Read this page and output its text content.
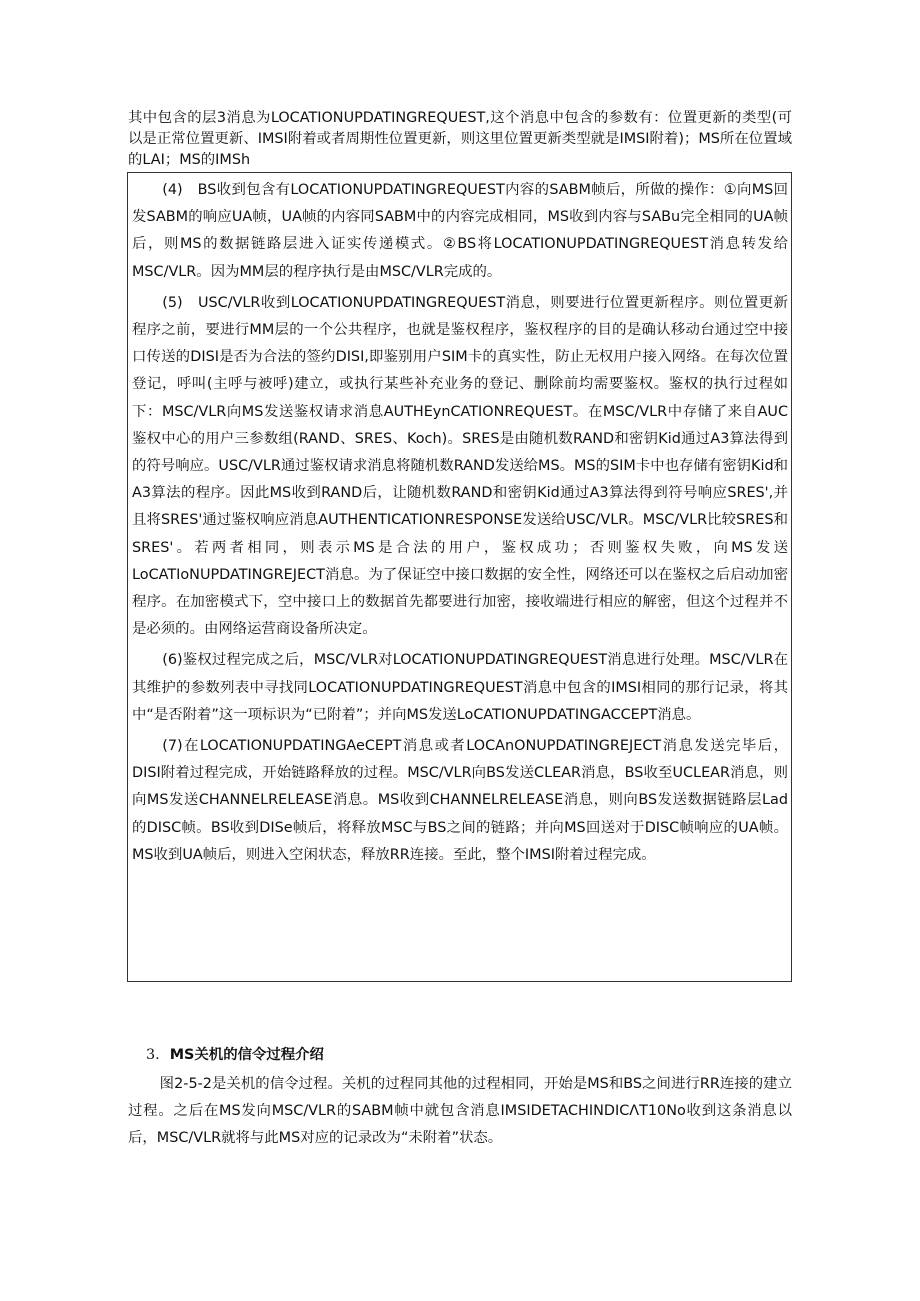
其中包含的层3消息为LOCATIONUPDATINGREQUEST,这个消息中包含的参数有：位置更新的类型(可以是正常位置更新、IMSI附着或者周期性位置更新，则这里位置更新类型就是IMSI附着)；MS所在位置域的LAI；MS的IMSh

(4)　BS收到包含有LOCATIONUPDATINGREQUEST内容的SABM帧后，所做的操作：①向MS回发SABM的响应UA帧，UA帧的内容同SABM中的内容完成相同，MS收到内容与SABu完全相同的UA帧后，则MS的数据链路层进入证实传递模式。②BS将LOCATIONUPDATINGREQUEST消息转发给MSC/VLR。因为MM层的程序执行是由MSC/VLR完成的。

(5)　USC/VLR收到LOCATIONUPDATINGREQUEST消息，则要进行位置更新程序。则位置更新程序之前，要进行MM层的一个公共程序，也就是鉴权程序，鉴权程序的目的是确认移动台通过空中接口传送的DISI是否为合法的签约DISI,即鉴别用户SIM卡的真实性，防止无权用户接入网络。在每次位置登记，呼叫(主呼与被呼)建立，或执行某些补充业务的登记、删除前均需要鉴权。鉴权的执行过程如下：MSC/VLR向MS发送鉴权请求消息AUTHEynCATIONREQUEST。在MSC/VLR中存储了来自AUC鉴权中心的用户三参数组(RAND、SRES、Koch)。SRES是由随机数RAND和密钥Kid通过A3算法得到的符号响应。USC/VLR通过鉴权请求消息将随机数RAND发送给MS。MS的SIM卡中也存储有密钥Kid和A3算法的程序。因此MS收到RAND后，让随机数RAND和密钥Kid通过A3算法得到符号响应SRES',并且将SRES'通过鉴权响应消息AUTHENTICATIONRESPONSE发送给USC/VLR。MSC/VLR比较SRES和SRES'。若两者相同，则表示MS是合法的用户，鉴权成功；否则鉴权失败，向MS发送LoCATIoNUPDATINGREJECT消息。为了保证空中接口数据的安全性，网络还可以在鉴权之后启动加密程序。在加密模式下，空中接口上的数据首先都要进行加密，接收端进行相应的解密，但这个过程并不是必须的。由网络运营商设备所决定。

(6)鉴权过程完成之后，MSC/VLR对LOCATIONUPDATINGREQUEST消息进行处理。MSC/VLR在其维护的参数列表中寻找同LOCATIONUPDATINGREQUEST消息中包含的IMSI相同的那行记录，将其中“是否附着”这一项标识为“已附着”；并向MS发送LoCATIONUPDATINGACCEPT消息。

(7)在LOCATIONUPDATINGAeCEPT消息或者LOCAnONUPDATINGREJECT消息发送完毕后，DISI附着过程完成，开始链路释放的过程。MSC/VLR向BS发送CLEAR消息，BS收至UCLEAR消息，则向MS发送CHANNELRELEASE消息。MS收到CHANNELRELEASE消息，则向BS发送数据链路层Lad的DISC帧。BS收到DISe帧后，将释放MSC与BS之间的链路；并向MS回送对于DISC帧响应的UA帧。MS收到UA帧后，则进入空闲状态，释放RR连接。至此，整个IMSI附着过程完成。

3. MS关机的信令过程介绍

图2-5-2是关机的信令过程。关机的过程同其他的过程相同，开始是MS和BS之间进行RR连接的建立过程。之后在MS发向MSC/VLR的SABM帧中就包含消息IMSIDETACHINDICΛT10No收到这条消息以后，MSC/VLR就将与此MS对应的记录改为“未附着”状态。
